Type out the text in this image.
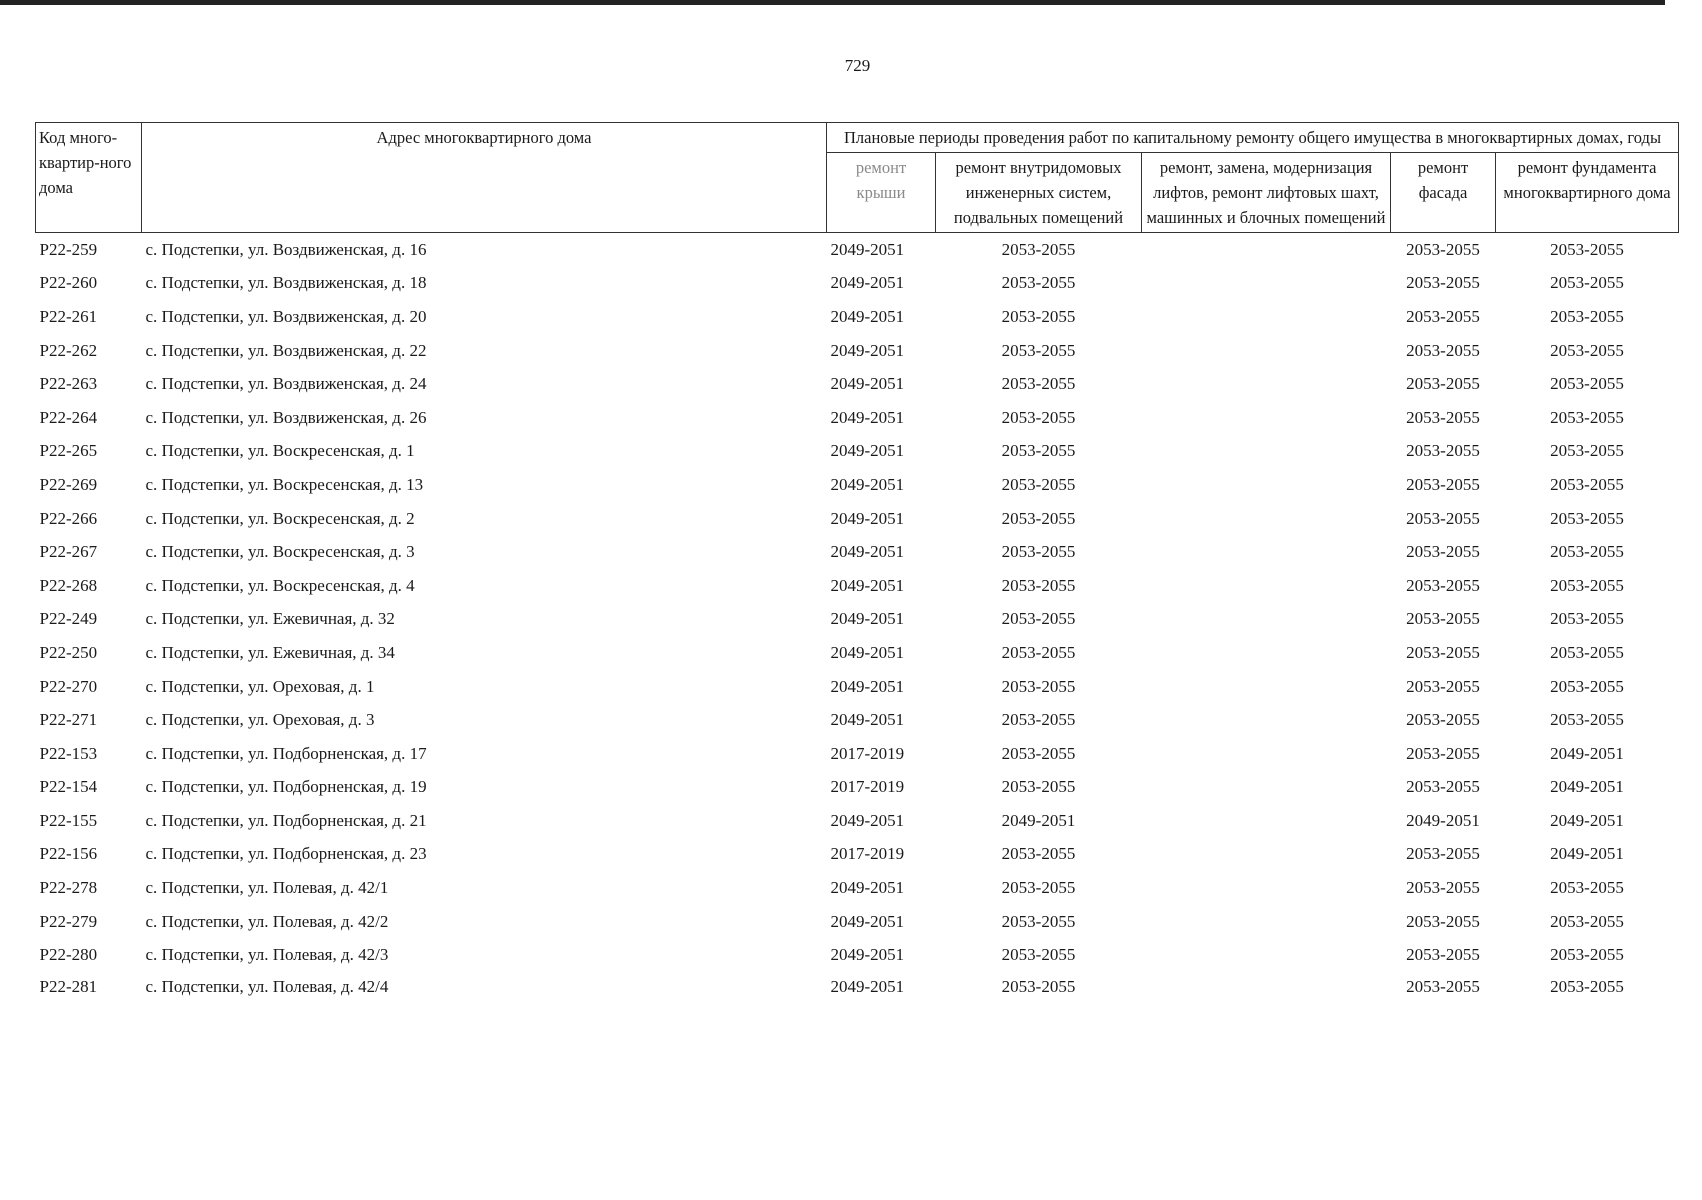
729
Код много-квартир-ного дома	Адрес многоквартирного дома	Плановые периоды проведения работ по капитальному ремонту общего имущества в многоквартирных домах, годы				
		ремонт крыши	ремонт внутридомовых инженерных систем, подвальных помещений	ремонт, замена, модернизация лифтов, ремонт лифтовых шахт, машинных и блочных помещений	ремонт фасада	ремонт фундамента многоквартирного дома
Р22-259	с. Подстепки, ул. Воздвиженская, д. 16	2049-2051	2053-2055		2053-2055	2053-2055
Р22-260	с. Подстепки, ул. Воздвиженская, д. 18	2049-2051	2053-2055		2053-2055	2053-2055
Р22-261	с. Подстепки, ул. Воздвиженская, д. 20	2049-2051	2053-2055		2053-2055	2053-2055
Р22-262	с. Подстепки, ул. Воздвиженская, д. 22	2049-2051	2053-2055		2053-2055	2053-2055
Р22-263	с. Подстепки, ул. Воздвиженская, д. 24	2049-2051	2053-2055		2053-2055	2053-2055
Р22-264	с. Подстепки, ул. Воздвиженская, д. 26	2049-2051	2053-2055		2053-2055	2053-2055
Р22-265	с. Подстепки, ул. Воскресенская, д. 1	2049-2051	2053-2055		2053-2055	2053-2055
Р22-269	с. Подстепки, ул. Воскресенская, д. 13	2049-2051	2053-2055		2053-2055	2053-2055
Р22-266	с. Подстепки, ул. Воскресенская, д. 2	2049-2051	2053-2055		2053-2055	2053-2055
Р22-267	с. Подстепки, ул. Воскресенская, д. 3	2049-2051	2053-2055		2053-2055	2053-2055
Р22-268	с. Подстепки, ул. Воскресенская, д. 4	2049-2051	2053-2055		2053-2055	2053-2055
Р22-249	с. Подстепки, ул. Ежевичная, д. 32	2049-2051	2053-2055		2053-2055	2053-2055
Р22-250	с. Подстепки, ул. Ежевичная, д. 34	2049-2051	2053-2055		2053-2055	2053-2055
Р22-270	с. Подстепки, ул. Ореховая, д. 1	2049-2051	2053-2055		2053-2055	2053-2055
Р22-271	с. Подстепки, ул. Ореховая, д. 3	2049-2051	2053-2055		2053-2055	2053-2055
Р22-153	с. Подстепки, ул. Подборненская, д. 17	2017-2019	2053-2055		2053-2055	2049-2051
Р22-154	с. Подстепки, ул. Подборненская, д. 19	2017-2019	2053-2055		2053-2055	2049-2051
Р22-155	с. Подстепки, ул. Подборненская, д. 21	2049-2051	2049-2051		2049-2051	2049-2051
Р22-156	с. Подстепки, ул. Подборненская, д. 23	2017-2019	2053-2055		2053-2055	2049-2051
Р22-278	с. Подстепки, ул. Полевая, д. 42/1	2049-2051	2053-2055		2053-2055	2053-2055
Р22-279	с. Подстепки, ул. Полевая, д. 42/2	2049-2051	2053-2055		2053-2055	2053-2055
Р22-280	с. Подстепки, ул. Полевая, д. 42/3	2049-2051	2053-2055		2053-2055	2053-2055
Р22-281	с. Подстепки, ул. Полевая, д. 42/4	2049-2051	2053-2055		2053-2055	2053-2055
